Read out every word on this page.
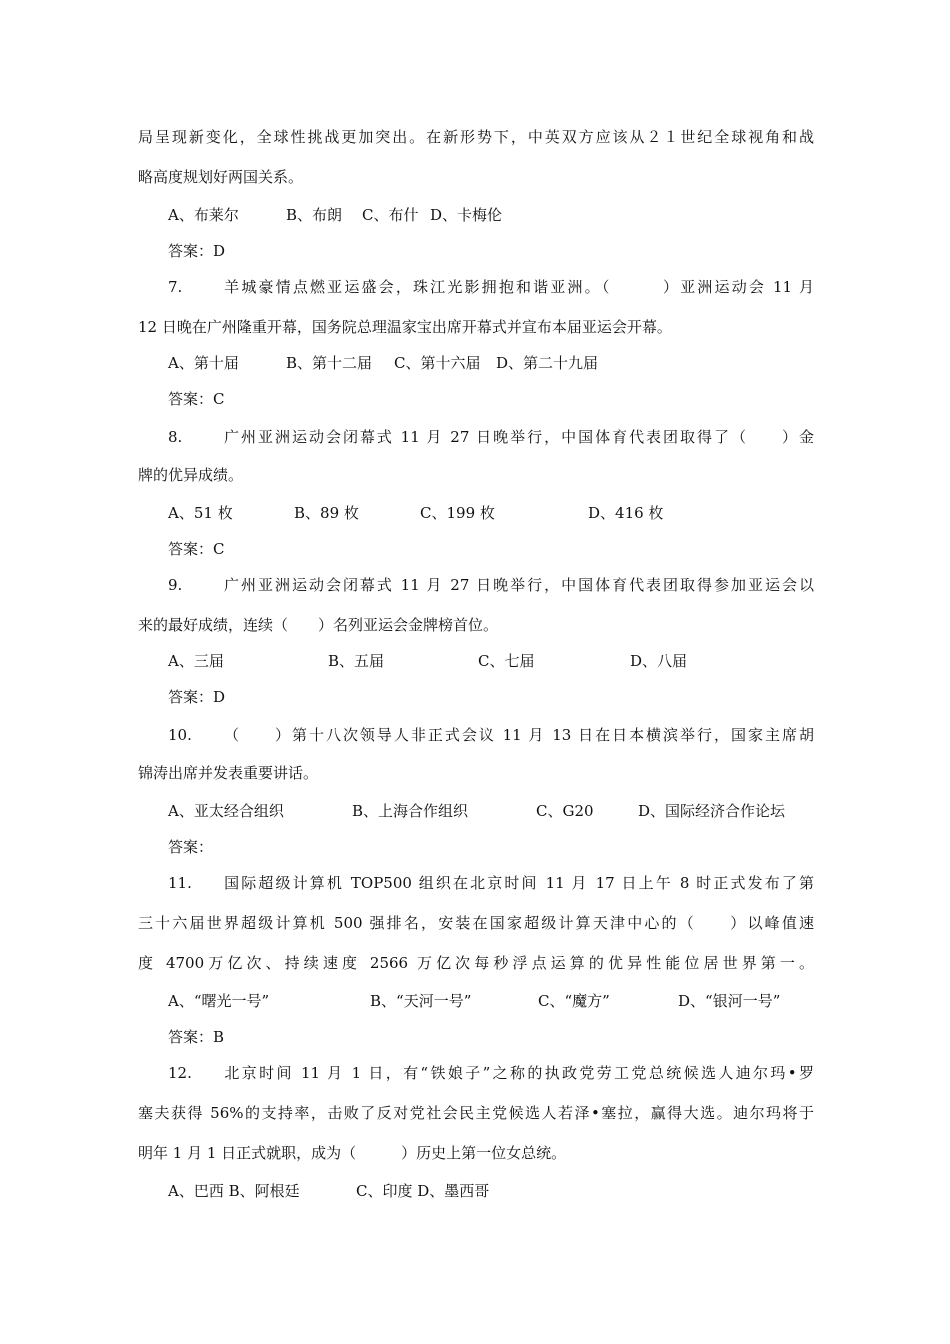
局呈现新变化，全球性挑战更加突出。在新形势下，中英双方应该从２１世纪全球视角和战

略高度规划好两国关系。

A、布莱尔	B、布朗 C、布什 D、卡梅伦

答案：D

7.	羊城豪情点燃亚运盛会，珠江光影拥抱和谐亚洲。（　　　）亚洲运动会 11 月

12 日晚在广州隆重开幕，国务院总理温家宝出席开幕式并宣布本届亚运会开幕。

A、第十届	B、第十二届 C、第十六届 D、第二十九届

答案：C

8.	广州亚洲运动会闭幕式 11 月 27 日晚举行，中国体育代表团取得了（　　）金

牌的优异成绩。

A、51 枚	B、89 枚	C、199 枚	D、416 枚

答案：C

9.	广州亚洲运动会闭幕式 11 月 27 日晚举行，中国体育代表团取得参加亚运会以

来的最好成绩，连续（　　）名列亚运会金牌榜首位。

A、三届	B、五届	C、七届	D、八届

答案：D

10. （　　）第十八次领导人非正式会议 11 月 13 日在日本横滨举行，国家主席胡

锦涛出席并发表重要讲话。

A、亚太经合组织	B、上海合作组织	C、G20	D、国际经济合作论坛

答案：

11. 国际超级计算机 TOP500 组织在北京时间 11 月 17 日上午 8 时正式发布了第

三十六届世界超级计算机 500 强排名，安装在国家超级计算天津中心的（　　）以峰值速

度 4700万亿次、持续速度 2566 万亿次每秒浮点运算的优异性能位居世界第一。

A、“曙光一号”	B、“天河一号”	C、“魔方”	D、“银河一号”

答案：B

12. 北京时间 11 月 1 日，有“铁娘子”之称的执政党劳工党总统候选人迪尔玛•罗

塞夫获得 56%的支持率，击败了反对党社会民主党候选人若泽•塞拉，赢得大选。迪尔玛将于

明年 1 月 1 日正式就职，成为（　　　）历史上第一位女总统。

A、巴西 B、阿根廷	C、印度 D、墨西哥
